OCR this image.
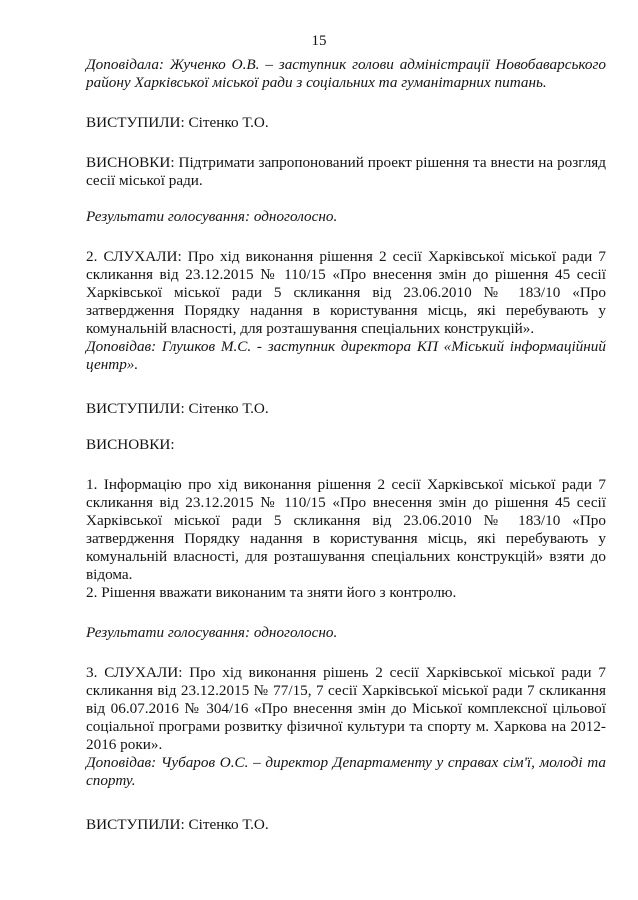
15

Доповідала: Жученко О.В. – заступник голови адміністрації Новобаварського району Харківської міської ради з соціальних та гуманітарних питань.

ВИСТУПИЛИ: Сітенко Т.О.

ВИСНОВКИ: Підтримати запропонований проект рішення та внести на розгляд сесії міської ради.

Результати голосування: одноголосно.

2. СЛУХАЛИ: Про хід виконання рішення 2 сесії Харківської міської ради 7 скликання від 23.12.2015 № 110/15 «Про внесення змін до рішення 45 сесії Харківської міської ради 5 скликання від 23.06.2010 № 183/10 «Про затвердження Порядку надання в користування місць, які перебувають у комунальній власності, для розташування спеціальних конструкцій».

Доповідав: Глушков М.С. - заступник директора КП «Міський інформаційний центр».

ВИСТУПИЛИ: Сітенко Т.О.

ВИСНОВКИ:

1. Інформацію про хід виконання рішення 2 сесії Харківської міської ради 7 скликання від 23.12.2015 № 110/15 «Про внесення змін до рішення 45 сесії Харківської міської ради 5 скликання від 23.06.2010 № 183/10 «Про затвердження Порядку надання в користування місць, які перебувають у комунальній власності, для розташування спеціальних конструкцій» взяти до відома.

2. Рішення вважати виконаним та зняти його з контролю.

Результати голосування: одноголосно.

3. СЛУХАЛИ: Про хід виконання рішень 2 сесії Харківської міської ради 7 скликання від 23.12.2015 № 77/15, 7 сесії Харківської міської ради 7 скликання від 06.07.2016 № 304/16 «Про внесення змін до Міської комплексної цільової соціальної програми розвитку фізичної культури та спорту м. Харкова на 2012-2016 роки».

Доповідав: Чубаров О.С. – директор Департаменту у справах сім'ї, молоді та спорту.

ВИСТУПИЛИ: Сітенко Т.О.
